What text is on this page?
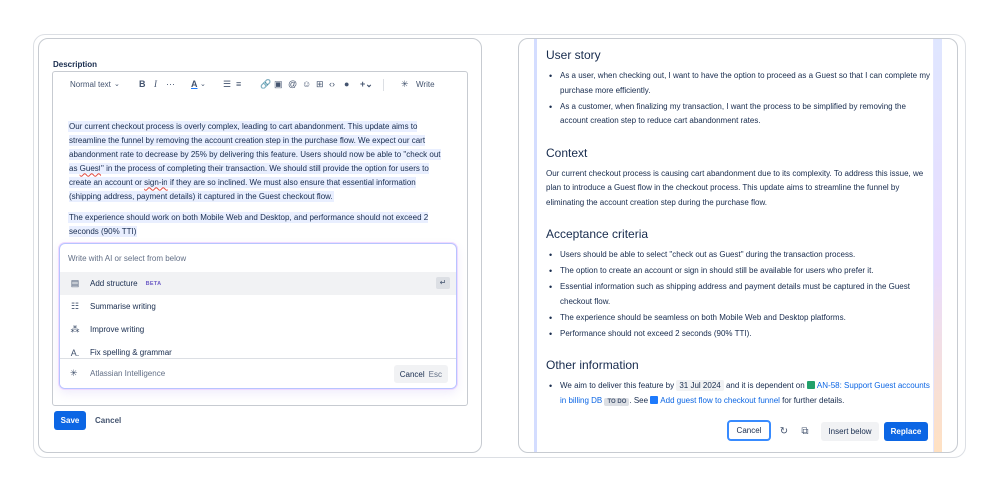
Description
Normal text ⌄ B I ··· A ⌄ ☰ ≡ 🔗 ▣ @ ☺ ⊞ ‹› ● +⌄	✳ Write
Our current checkout process is overly complex, leading to cart abandonment. This update aims to streamline the funnel by removing the account creation step in the purchase flow. We expect our cart abandonment rate to decrease by 25% by delivering this feature. Users should now be able to "check out as Guest" in the process of completing their transaction. We should still provide the option for users to create an account or sign-in if they are so inclined. We must also ensure that essential information (shipping address, payment details) it captured in the Guest checkout flow.
The experience should work on both Mobile Web and Desktop, and performance should not exceed 2 seconds (90% TTI)
Write with AI or select from below
▤ Add structure BETA	↵
☷ Summarise writing
⁂ Improve writing
A. Fix spelling & grammar
✳	Atlassian Intelligence	Cancel Esc
Save	Cancel
User story
• As a user, when checking out, I want to have the option to proceed as a Guest so that I can complete my purchase more efficiently.
• As a customer, when finalizing my transaction, I want the process to be simplified by removing the account creation step to reduce cart abandonment rates.
Context

Our current checkout process is causing cart abandonment due to its complexity. To address this issue, we plan to introduce a Guest flow in the checkout process. This update aims to streamline the funnel by eliminating the account creation step during the purchase flow.

Acceptance criteria
• Users should be able to select "check out as Guest" during the transaction process.
• The option to create an account or sign in should still be available for users who prefer it.
• Essential information such as shipping address and payment details must be captured in the Guest checkout flow.
• The experience should be seamless on both Mobile Web and Desktop platforms.
• Performance should not exceed 2 seconds (90% TTI).
Other information
• We aim to deliver this feature by 31 Jul 2024 and it is dependent on AN-58: Support Guest accounts in billing DB TO DO . See Add guest flow to checkout funnel for further details.
Cancel	↻	⧉	Insert below	Replace
